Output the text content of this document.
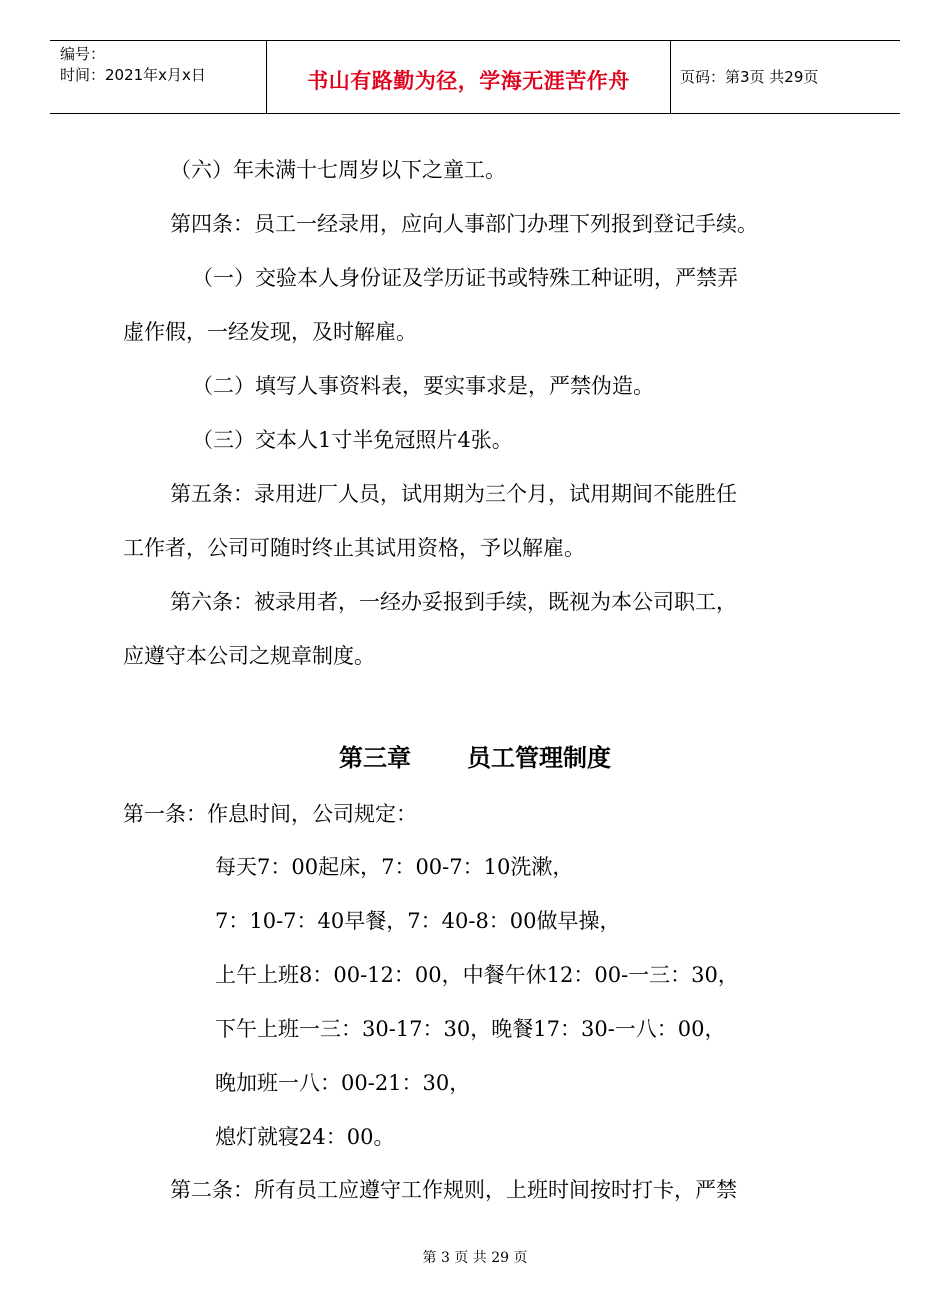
编号：
时间：2021年x月x日	书山有路勤为径，学海无涯苦作舟	页码：第3页 共29页
（六）年未满十七周岁以下之童工。
第四条：员工一经录用，应向人事部门办理下列报到登记手续。
（一）交验本人身份证及学历证书或特殊工种证明，严禁弄
虚作假，一经发现，及时解雇。
（二）填写人事资料表，要实事求是，严禁伪造。
（三）交本人1寸半免冠照片4张。
第五条：录用进厂人员，试用期为三个月，试用期间不能胜任
工作者，公司可随时终止其试用资格，予以解雇。
第六条：被录用者，一经办妥报到手续，既视为本公司职工，
应遵守本公司之规章制度。
第三章 员工管理制度
第一条：作息时间，公司规定：
每天7：00起床，7：00-7：10洗漱，
7：10-7：40早餐，7：40-8：00做早操，
上午上班8：00-12：00，中餐午休12：00-一三：30，
下午上班一三：30-17：30，晚餐17：30-一八：00，
晚加班一八：00-21：30，
熄灯就寝24：00。
第二条：所有员工应遵守工作规则，上班时间按时打卡，严禁
第 3 页 共 29 页
